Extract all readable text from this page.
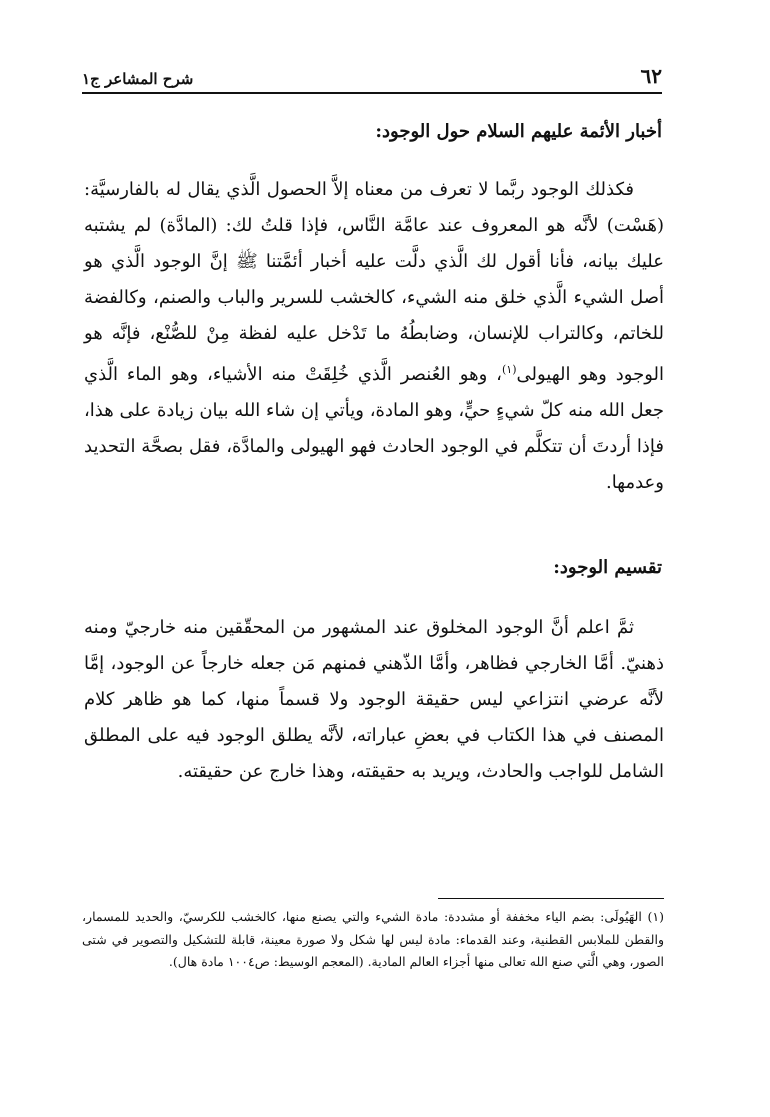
٦٢
شرح المشاعر ج١
أخبار الأئمة عليهم السلام حول الوجود:

فكذلك الوجود ربَّما لا تعرف من معناه إلاَّ الحصول الَّذي يقال له بالفارسيَّة: (هَسْت) لأنَّه هو المعروف عند عامَّة النَّاس، فإذا قلتُ لك: (المادَّة) لم يشتبه عليك بيانه، فأنا أقول لك الَّذي دلَّت عليه أخبار أئمَّتنا ﷺ إنَّ الوجود الَّذي هو أصل الشيء الَّذي خلق منه الشيء، كالخشب للسرير والباب والصنم، وكالفضة للخاتم، وكالتراب للإنسان، وضابطُهُ ما تَدْخل عليه لفظة مِنْ للصُّنْع، فإنَّه هو الوجود وهو الهيولى$^{(١)}$، وهو العُنصر الَّذي خُلِقَتْ منه الأشياء، وهو الماء الَّذي جعل الله منه كلّ شيءٍ حيٍّ، وهو المادة، ويأتي إن شاء الله بيان زيادة على هذا، فإذا أردتَ أن تتكلَّم في الوجود الحادث فهو الهيولى والمادَّة، فقل بصحَّة التحديد وعدمها.

تقسيم الوجود:

ثمَّ اعلم أنَّ الوجود المخلوق عند المشهور من المحقّقين منه خارجيّ ومنه ذهنيّ. أمَّا الخارجي فظاهر، وأمَّا الذّهني فمنهم مَن جعله خارجاً عن الوجود، إمَّا لأنَّه عرضي انتزاعي ليس حقيقة الوجود ولا قسماً منها، كما هو ظاهر كلام المصنف في هذا الكتاب في بعضِ عباراته، لأنَّه يطلق الوجود فيه على المطلق الشامل للواجب والحادث، ويريد به حقيقته، وهذا خارج عن حقيقته.

(١) الهَيُولَى: بضم الياء مخففة أو مشددة: مادة الشيء والتي يصنع منها، كالخشب للكرسيّ، والحديد للمسمار، والقطن للملابس القطنية، وعند القدماء: مادة ليس لها شكل ولا صورة معينة، قابلة للتشكيل والتصوير في شتى الصور، وهي الَّتي صنع الله تعالى منها أجزاء العالم المادية. (المعجم الوسيط: ص١٠٠٤ مادة هال).
